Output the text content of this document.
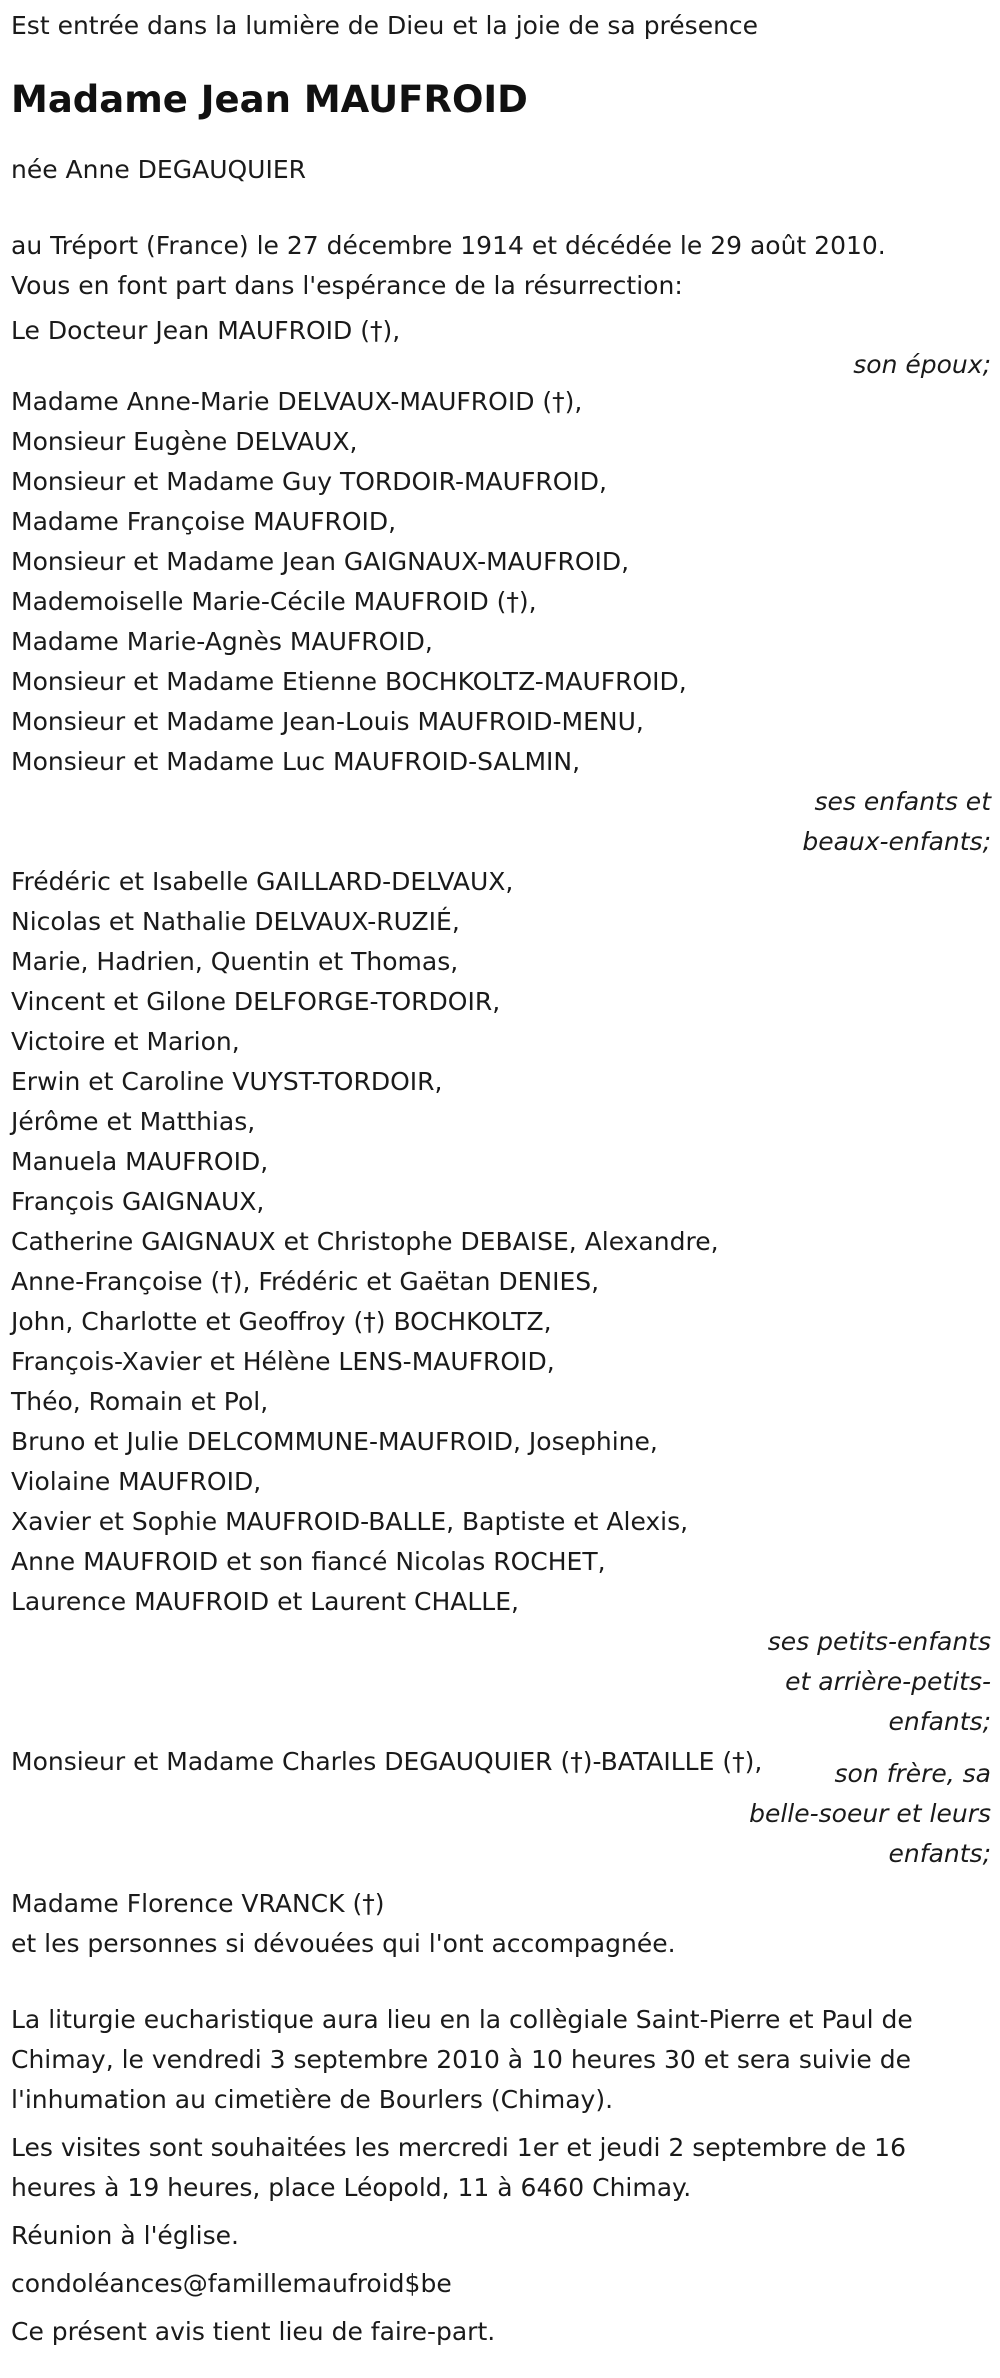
Est entrée dans la lumière de Dieu et la joie de sa présence

Madame Jean MAUFROID

née Anne DEGAUQUIER

au Tréport (France) le 27 décembre 1914 et décédée le 29 août 2010.

Vous en font part dans l'espérance de la résurrection:

Le Docteur Jean MAUFROID (†),

son époux;

Madame Anne-Marie DELVAUX-MAUFROID (†),

Monsieur Eugène DELVAUX,

Monsieur et Madame Guy TORDOIR-MAUFROID,

Madame Françoise MAUFROID,

Monsieur et Madame Jean GAIGNAUX-MAUFROID,

Mademoiselle Marie-Cécile MAUFROID (†),

Madame Marie-Agnès MAUFROID,

Monsieur et Madame Etienne BOCHKOLTZ-MAUFROID,

Monsieur et Madame Jean-Louis MAUFROID-MENU,

Monsieur et Madame Luc MAUFROID-SALMIN,

ses enfants et

beaux-enfants;

Frédéric et Isabelle GAILLARD-DELVAUX,

Nicolas et Nathalie DELVAUX-RUZIÉ,

Marie, Hadrien, Quentin et Thomas,

Vincent et Gilone DELFORGE-TORDOIR,

Victoire et Marion,

Erwin et Caroline VUYST-TORDOIR,

Jérôme et Matthias,

Manuela MAUFROID,

François GAIGNAUX,

Catherine GAIGNAUX et Christophe DEBAISE, Alexandre,

Anne-Françoise (†), Frédéric et Gaëtan DENIES,

John, Charlotte et Geoffroy (†) BOCHKOLTZ,

François-Xavier et Hélène LENS-MAUFROID,

Théo, Romain et Pol,

Bruno et Julie DELCOMMUNE-MAUFROID, Josephine,

Violaine MAUFROID,

Xavier et Sophie MAUFROID-BALLE, Baptiste et Alexis,

Anne MAUFROID et son fiancé Nicolas ROCHET,

Laurence MAUFROID et Laurent CHALLE,

ses petits-enfants

et arrière-petits-

enfants;

Monsieur et Madame Charles DEGAUQUIER (†)-BATAILLE (†),	son frère, sa
belle-soeur et leurs
enfants;

Madame Florence VRANCK (†)

et les personnes si dévouées qui l'ont accompagnée.

La liturgie eucharistique aura lieu en la collègiale Saint-Pierre et Paul de Chimay, le vendredi 3 septembre 2010 à 10 heures 30 et sera suivie de l'inhumation au cimetière de Bourlers (Chimay).

Les visites sont souhaitées les mercredi 1er et jeudi 2 septembre de 16 heures à 19 heures, place Léopold, 11 à 6460 Chimay.

Réunion à l'église.

condoléances@famillemaufroid$be

Ce présent avis tient lieu de faire-part.
